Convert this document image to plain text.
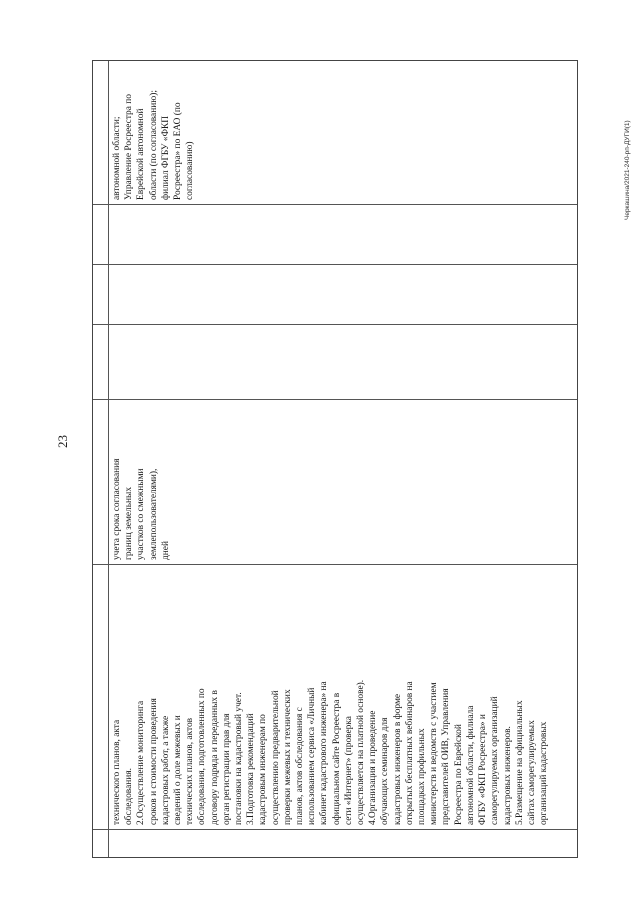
23
Черкашина/2021-240-рп-ДУГИ(1)
технического планов, акта обследования. 2.Осуществление мониторинга сроков и стоимости проведения кадастровых работ, а также сведений о доле межевых и технических планов, актов обследования, подготовленных по договору подряда и переданных в орган регистрации прав для постановки на кадастровый учет. 3.Подготовка рекомендаций кадастровым инженерам по осуществлению предварительной проверки межевых и технических планов, актов обследования с использованием сервиса «Личный кабинет кадастрового инженера» на официальном сайте Росреестра в сети «Интернет» (проверка осуществляется на платной основе). 4.Организация и проведение обучающих семинаров для кадастровых инженеров в форме открытых бесплатных вебинаров на площадках профильных министерств и ведомств с участием представителей ОИВ, Управления Росреестра по Еврейской автономной области, филиала ФГБУ «ФКП Росреестра» и саморегулируемых организаций кадастровых инженеров. 5.Размещение на официальных сайтах саморегулируемых организаций кадастровых
учета срока согласования границ земельных участков со смежными землепользователями), дней
автономной области; Управление Росреестра по Еврейской автономной области (по согласованию); филиал ФГБУ «ФКП Росреестра» по ЕАО (по согласованию)
